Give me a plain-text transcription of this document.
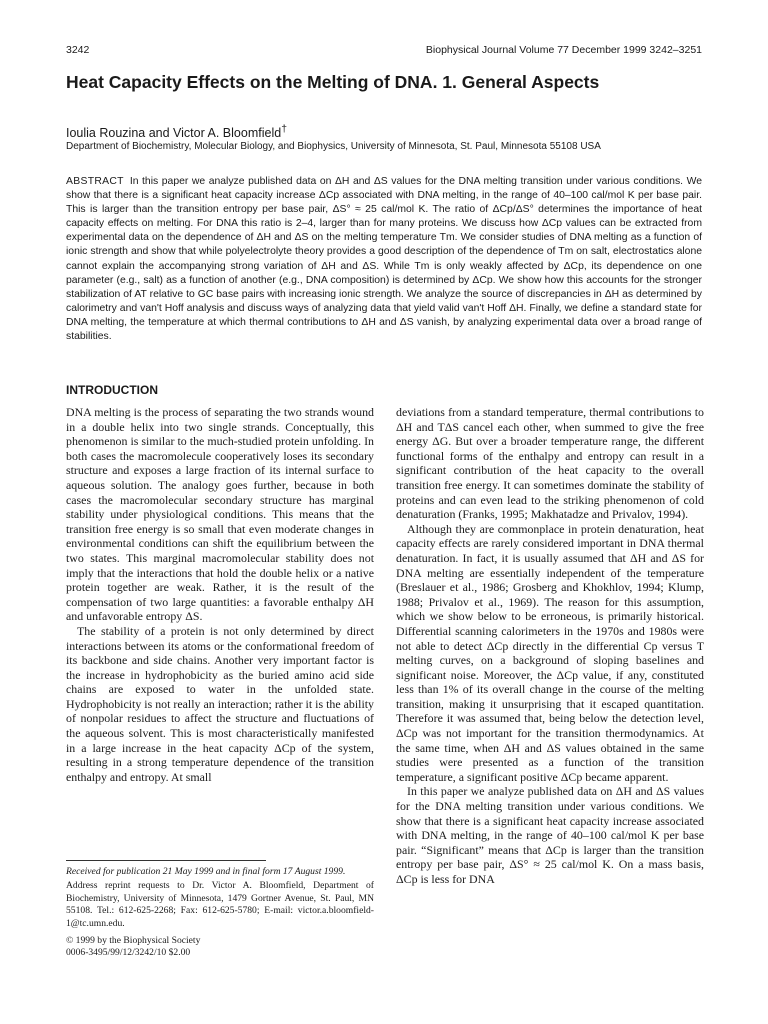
3242	Biophysical Journal Volume 77 December 1999 3242–3251
Heat Capacity Effects on the Melting of DNA. 1. General Aspects
Ioulia Rouzina and Victor A. Bloomfield†
Department of Biochemistry, Molecular Biology, and Biophysics, University of Minnesota, St. Paul, Minnesota 55108 USA

ABSTRACT In this paper we analyze published data on ΔH and ΔS values for the DNA melting transition under various conditions. We show that there is a significant heat capacity increase ΔCp associated with DNA melting, in the range of 40–100 cal/mol K per base pair. This is larger than the transition entropy per base pair, ΔS° ≈ 25 cal/mol K. The ratio of ΔCp/ΔS° determines the importance of heat capacity effects on melting. For DNA this ratio is 2–4, larger than for many proteins. We discuss how ΔCp values can be extracted from experimental data on the dependence of ΔH and ΔS on the melting temperature Tm. We consider studies of DNA melting as a function of ionic strength and show that while polyelectrolyte theory provides a good description of the dependence of Tm on salt, electrostatics alone cannot explain the accompanying strong variation of ΔH and ΔS. While Tm is only weakly affected by ΔCp, its dependence on one parameter (e.g., salt) as a function of another (e.g., DNA composition) is determined by ΔCp. We show how this accounts for the stronger stabilization of AT relative to GC base pairs with increasing ionic strength. We analyze the source of discrepancies in ΔH as determined by calorimetry and van't Hoff analysis and discuss ways of analyzing data that yield valid van't Hoff ΔH. Finally, we define a standard state for DNA melting, the temperature at which thermal contributions to ΔH and ΔS vanish, by analyzing experimental data over a broad range of stabilities.

INTRODUCTION

DNA melting is the process of separating the two strands wound in a double helix into two single strands. Conceptually, this phenomenon is similar to the much-studied protein unfolding. In both cases the macromolecule cooperatively loses its secondary structure and exposes a large fraction of its internal surface to aqueous solution. The analogy goes further, because in both cases the macromolecular secondary structure has marginal stability under physiological conditions. This means that the transition free energy is so small that even moderate changes in environmental conditions can shift the equilibrium between the two states. This marginal macromolecular stability does not imply that the interactions that hold the double helix or a native protein together are weak. Rather, it is the result of the compensation of two large quantities: a favorable enthalpy ΔH and unfavorable entropy ΔS.

The stability of a protein is not only determined by direct interactions between its atoms or the conformational freedom of its backbone and side chains. Another very important factor is the increase in hydrophobicity as the buried amino acid side chains are exposed to water in the unfolded state. Hydrophobicity is not really an interaction; rather it is the ability of nonpolar residues to affect the structure and fluctuations of the aqueous solvent. This is most characteristically manifested in a large increase in the heat capacity ΔCp of the system, resulting in a strong temperature dependence of the transition enthalpy and entropy. At small

deviations from a standard temperature, thermal contributions to ΔH and TΔS cancel each other, when summed to give the free energy ΔG. But over a broader temperature range, the different functional forms of the enthalpy and entropy can result in a significant contribution of the heat capacity to the overall transition free energy. It can sometimes dominate the stability of proteins and can even lead to the striking phenomenon of cold denaturation (Franks, 1995; Makhatadze and Privalov, 1994).

Although they are commonplace in protein denaturation, heat capacity effects are rarely considered important in DNA thermal denaturation. In fact, it is usually assumed that ΔH and ΔS for DNA melting are essentially independent of the temperature (Breslauer et al., 1986; Grosberg and Khokhlov, 1994; Klump, 1988; Privalov et al., 1969). The reason for this assumption, which we show below to be erroneous, is primarily historical. Differential scanning calorimeters in the 1970s and 1980s were not able to detect ΔCp directly in the differential Cp versus T melting curves, on a background of sloping baselines and significant noise. Moreover, the ΔCp value, if any, constituted less than 1% of its overall change in the course of the melting transition, making it unsurprising that it escaped quantitation. Therefore it was assumed that, being below the detection level, ΔCp was not important for the transition thermodynamics. At the same time, when ΔH and ΔS values obtained in the same studies were presented as a function of the transition temperature, a significant positive ΔCp became apparent.

In this paper we analyze published data on ΔH and ΔS values for the DNA melting transition under various conditions. We show that there is a significant heat capacity increase associated with DNA melting, in the range of 40–100 cal/mol K per base pair. “Significant” means that ΔCp is larger than the transition entropy per base pair, ΔS° ≈ 25 cal/mol K. On a mass basis, ΔCp is less for DNA

Received for publication 21 May 1999 and in final form 17 August 1999.

Address reprint requests to Dr. Victor A. Bloomfield, Department of Biochemistry, University of Minnesota, 1479 Gortner Avenue, St. Paul, MN 55108. Tel.: 612-625-2268; Fax: 612-625-5780; E-mail: victor.a.bloomfield-1@tc.umn.edu.

© 1999 by the Biophysical Society

0006-3495/99/12/3242/10 $2.00
